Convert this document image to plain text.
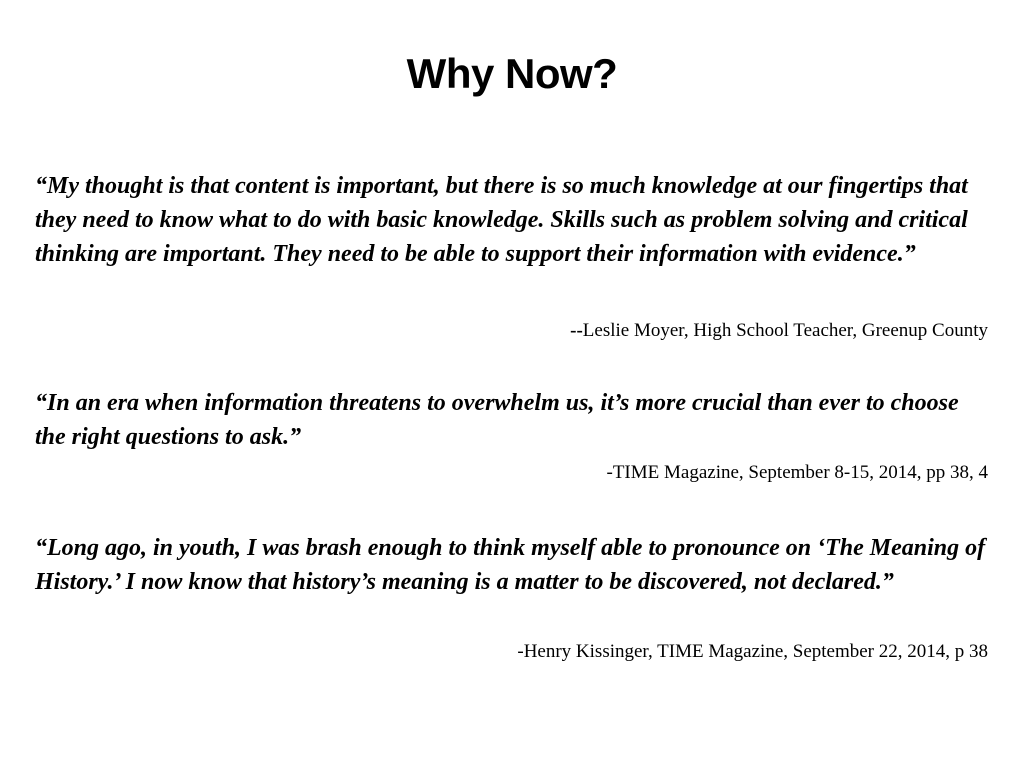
Why Now?

“My thought is that content is important, but there is so much knowledge at our fingertips that they need to know what to do with basic knowledge. Skills such as problem solving and critical thinking are important. They need to be able to support their information with evidence.”

--Leslie Moyer, High School Teacher, Greenup County

“In an era when information threatens to overwhelm us, it’s more crucial than ever to choose the right questions to ask.”

-TIME Magazine, September 8-15, 2014, pp 38, 4

“Long ago, in youth, I was brash enough to think myself able to pronounce on ‘The Meaning of History.’ I now know that history’s meaning is a matter to be discovered, not declared.”

-Henry Kissinger, TIME Magazine, September 22, 2014, p 38
